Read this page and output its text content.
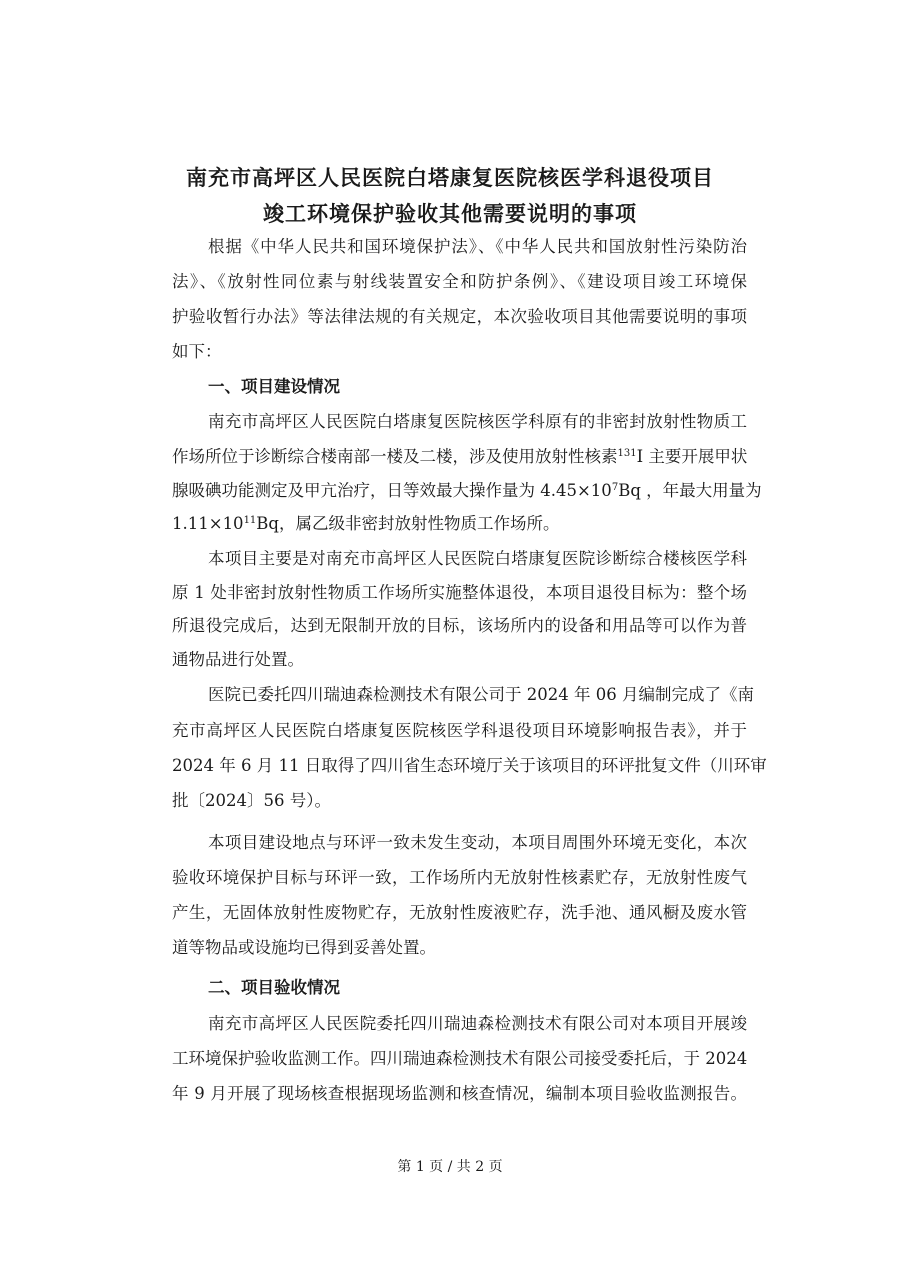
南充市高坪区人民医院白塔康复医院核医学科退役项目
竣工环境保护验收其他需要说明的事项
根据《中华人民共和国环境保护法》、《中华人民共和国放射性污染防治
法》、《放射性同位素与射线装置安全和防护条例》、《建设项目竣工环境保
护验收暂行办法》等法律法规的有关规定，本次验收项目其他需要说明的事项
如下：
一、项目建设情况
南充市高坪区人民医院白塔康复医院核医学科原有的非密封放射性物质工
作场所位于诊断综合楼南部一楼及二楼，涉及使用放射性核素$^{131}$I 主要开展甲状
腺吸碘功能测定及甲亢治疗，日等效最大操作量为 $4.45\times 10^7Bq$ ，年最大用量为
$1.11\times 10^{11}Bq$，属乙级非密封放射性物质工作场所。
本项目主要是对南充市高坪区人民医院白塔康复医院诊断综合楼核医学科
原 1 处非密封放射性物质工作场所实施整体退役，本项目退役目标为：整个场
所退役完成后，达到无限制开放的目标，该场所内的设备和用品等可以作为普
通物品进行处置。
医院已委托四川瑞迪森检测技术有限公司于 2024 年 06 月编制完成了《南
充市高坪区人民医院白塔康复医院核医学科退役项目环境影响报告表》，并于
2024 年 6 月 11 日取得了四川省生态环境厅关于该项目的环评批复文件（川环审
批〔2024〕56 号）。
本项目建设地点与环评一致未发生变动，本项目周围外环境无变化，本次
验收环境保护目标与环评一致，工作场所内无放射性核素贮存，无放射性废气
产生，无固体放射性废物贮存，无放射性废液贮存，洗手池、通风橱及废水管
道等物品或设施均已得到妥善处置。
二、项目验收情况
南充市高坪区人民医院委托四川瑞迪森检测技术有限公司对本项目开展竣
工环境保护验收监测工作。四川瑞迪森检测技术有限公司接受委托后，于 2024
年 9 月开展了现场核查根据现场监测和核查情况，编制本项目验收监测报告。
第 1 页 / 共 2 页
